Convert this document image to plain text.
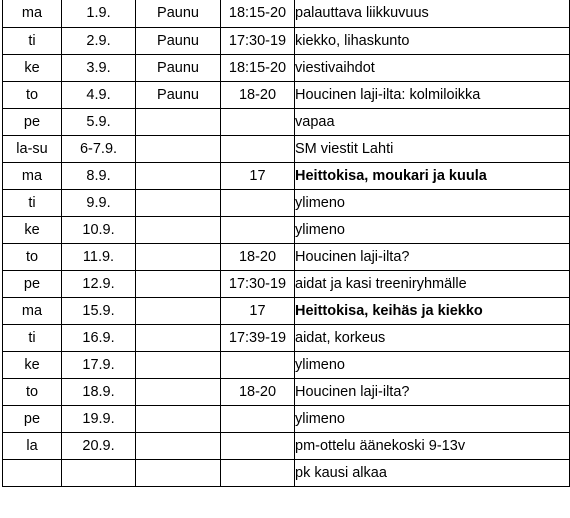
ma	1.9.	Paunu	18:15-20	palauttava liikkuvuus
ti	2.9.	Paunu	17:30-19	kiekko, lihaskunto
ke	3.9.	Paunu	18:15-20	viestivaihdot
to	4.9.	Paunu	18-20	Houcinen laji-ilta: kolmiloikka
pe	5.9.			vapaa
la-su	6-7.9.			SM viestit Lahti
ma	8.9.		17	Heittokisa, moukari ja kuula
ti	9.9.			ylimeno
ke	10.9.			ylimeno
to	11.9.		18-20	Houcinen laji-ilta?
pe	12.9.		17:30-19	aidat ja kasi treeniryhmälle
ma	15.9.		17	Heittokisa, keihäs ja kiekko
ti	16.9.		17:39-19	aidat, korkeus
ke	17.9.			ylimeno
to	18.9.		18-20	Houcinen laji-ilta?
pe	19.9.			ylimeno
la	20.9.			pm-ottelu äänekoski 9-13v
				pk kausi alkaa
